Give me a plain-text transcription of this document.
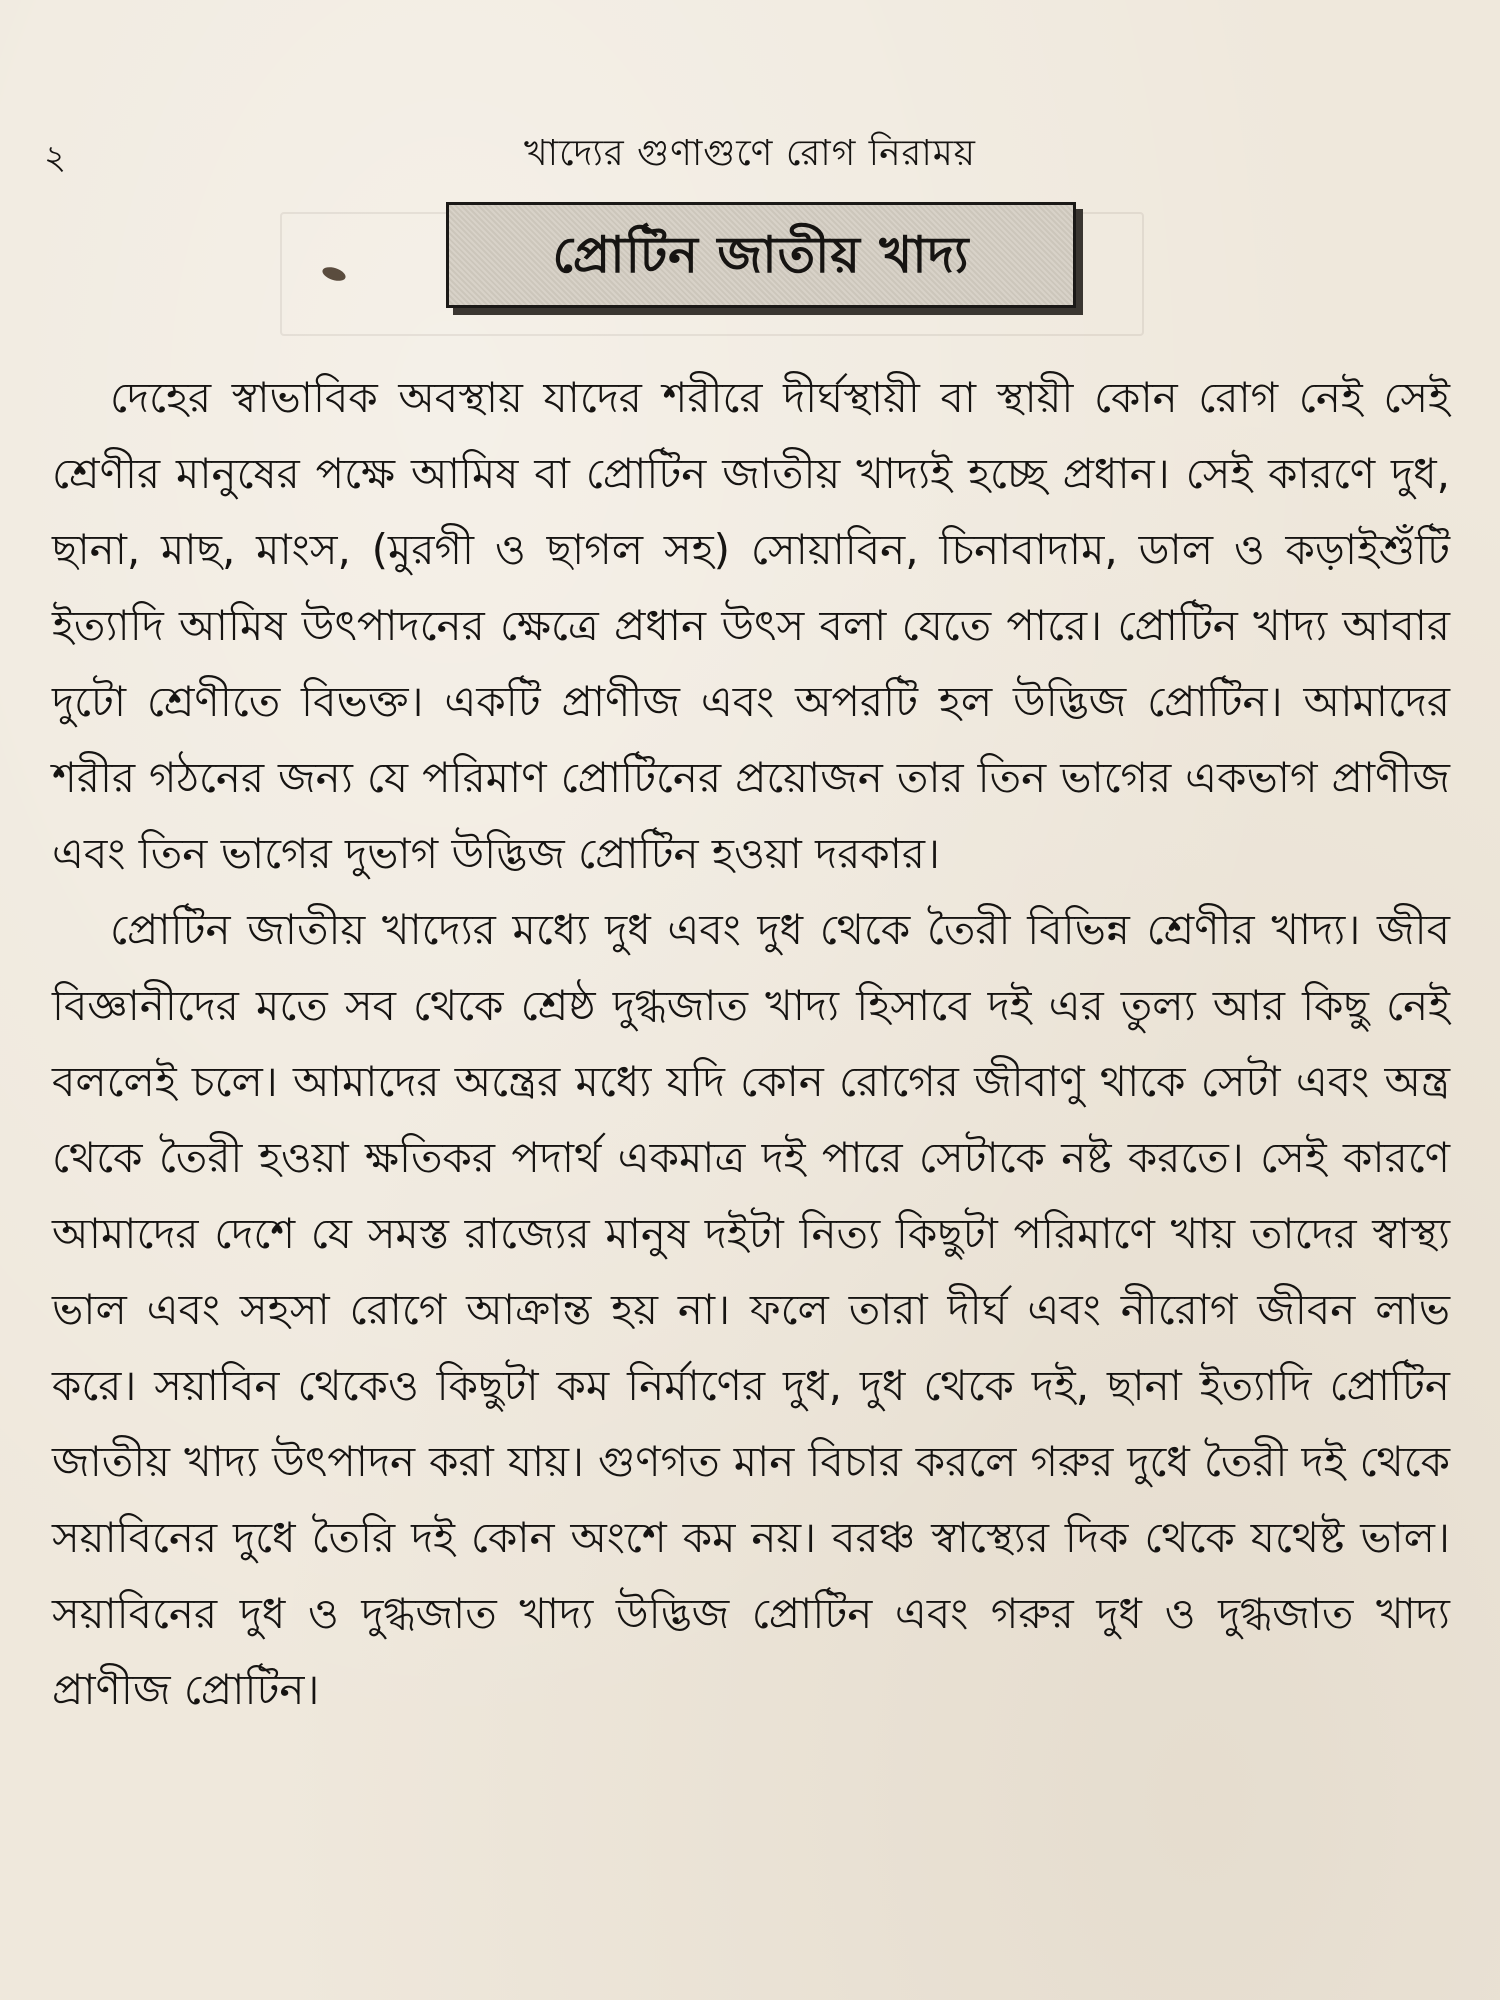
২	খাদ্যের গুণাগুণে রোগ নিরাময়
প্রোটিন জাতীয় খাদ্য

দেহের স্বাভাবিক অবস্থায় যাদের শরীরে দীর্ঘস্থায়ী বা স্থায়ী কোন রোগ নেই সেই শ্রেণীর মানুষের পক্ষে আমিষ বা প্রোটিন জাতীয় খাদ্যই হচ্ছে প্রধান। সেই কারণে দুধ, ছানা, মাছ, মাংস, (মুরগী ও ছাগল সহ) সোয়াবিন, চিনাবাদাম, ডাল ও কড়াইশুঁটি ইত্যাদি আমিষ উৎপাদনের ক্ষেত্রে প্রধান উৎস বলা যেতে পারে। প্রোটিন খাদ্য আবার দুটো শ্রেণীতে বিভক্ত। একটি প্রাণীজ এবং অপরটি হল উদ্ভিজ প্রোটিন। আমাদের শরীর গঠনের জন্য যে পরিমাণ প্রোটিনের প্রয়োজন তার তিন ভাগের একভাগ প্রাণীজ এবং তিন ভাগের দুভাগ উদ্ভিজ প্রোটিন হওয়া দরকার।

প্রোটিন জাতীয় খাদ্যের মধ্যে দুধ এবং দুধ থেকে তৈরী বিভিন্ন শ্রেণীর খাদ্য। জীব বিজ্ঞানীদের মতে সব থেকে শ্রেষ্ঠ দুগ্ধজাত খাদ্য হিসাবে দই এর তুল্য আর কিছু নেই বললেই চলে। আমাদের অন্ত্রের মধ্যে যদি কোন রোগের জীবাণু থাকে সেটা এবং অন্ত্র থেকে তৈরী হওয়া ক্ষতিকর পদার্থ একমাত্র দই পারে সেটাকে নষ্ট করতে। সেই কারণে আমাদের দেশে যে সমস্ত রাজ্যের মানুষ দইটা নিত্য কিছুটা পরিমাণে খায় তাদের স্বাস্থ্য ভাল এবং সহসা রোগে আক্রান্ত হয় না। ফলে তারা দীর্ঘ এবং নীরোগ জীবন লাভ করে। সয়াবিন থেকেও কিছুটা কম নির্মাণের দুধ, দুধ থেকে দই, ছানা ইত্যাদি প্রোটিন জাতীয় খাদ্য উৎপাদন করা যায়। গুণগত মান বিচার করলে গরুর দুধে তৈরী দই থেকে সয়াবিনের দুধে তৈরি দই কোন অংশে কম নয়। বরঞ্চ স্বাস্থ্যের দিক থেকে যথেষ্ট ভাল। সয়াবিনের দুধ ও দুগ্ধজাত খাদ্য উদ্ভিজ প্রোটিন এবং গরুর দুধ ও দুগ্ধজাত খাদ্য প্রাণীজ প্রোটিন।
